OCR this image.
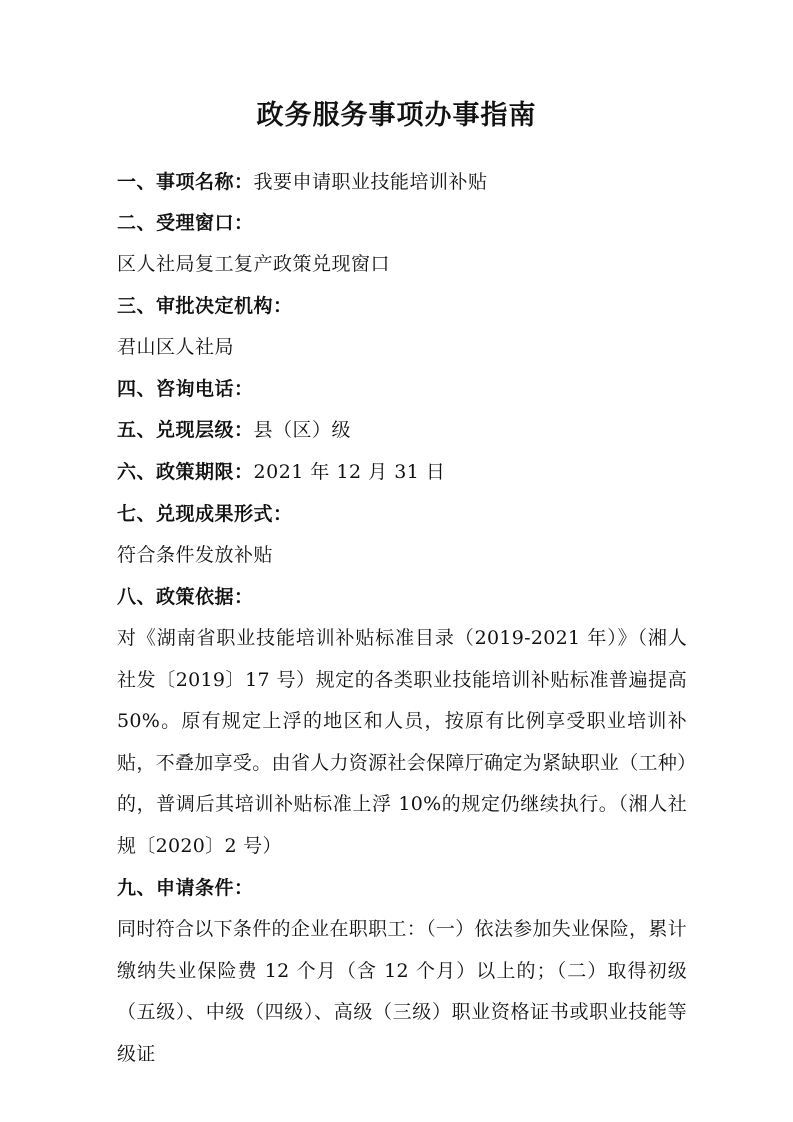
政务服务事项办事指南
一、事项名称：我要申请职业技能培训补贴
二、受理窗口：
区人社局复工复产政策兑现窗口
三、审批决定机构：
君山区人社局
四、咨询电话：
五、兑现层级：县（区）级
六、政策期限：2021 年 12 月 31 日
七、兑现成果形式：
符合条件发放补贴
八、政策依据：
对《湖南省职业技能培训补贴标准目录（2019-2021 年）》（湘人社发〔2019〕17 号）规定的各类职业技能培训补贴标准普遍提高 50%。原有规定上浮的地区和人员，按原有比例享受职业培训补贴，不叠加享受。由省人力资源社会保障厅确定为紧缺职业（工种）的，普调后其培训补贴标准上浮 10%的规定仍继续执行。（湘人社规〔2020〕2 号）
九、申请条件：
同时符合以下条件的企业在职职工：（一）依法参加失业保险，累计缴纳失业保险费 12 个月（含 12 个月）以上的；（二）取得初级（五级）、中级（四级）、高级（三级）职业资格证书或职业技能等级证
